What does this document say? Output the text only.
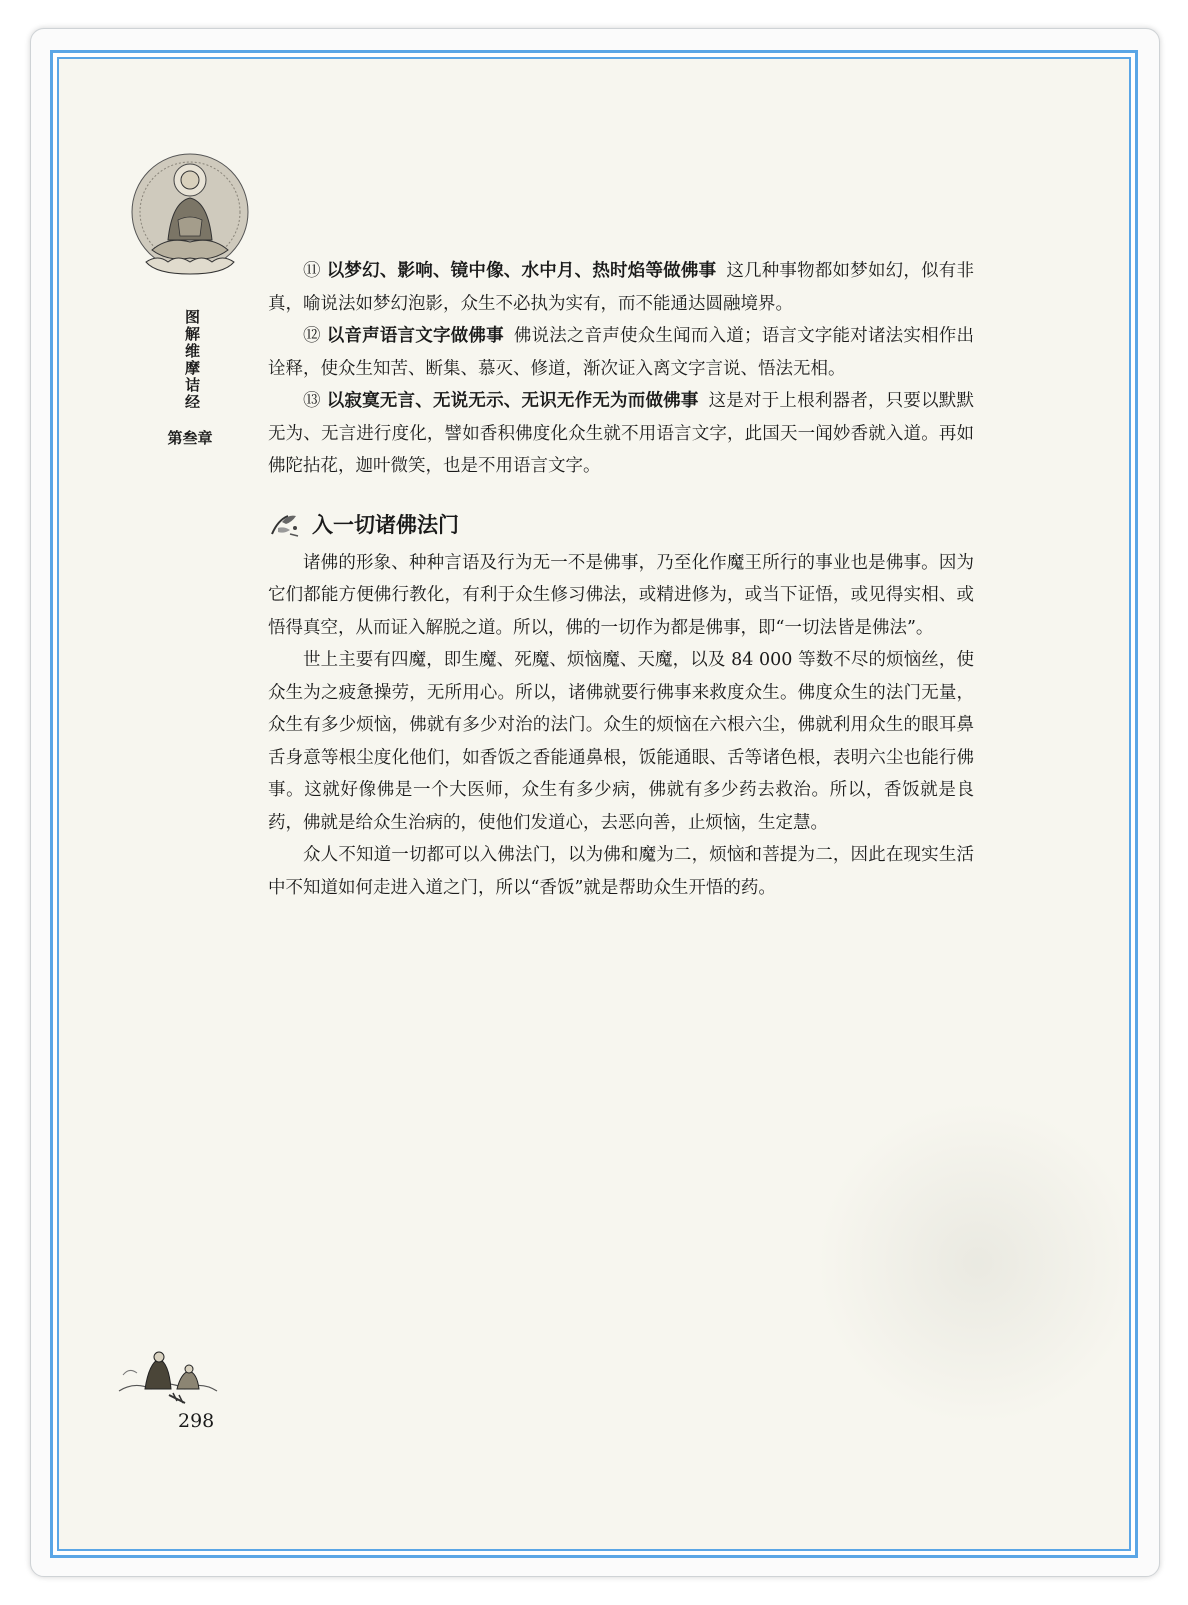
图解维摩诘经
第叁章

⑪ 以梦幻、影响、镜中像、水中月、热时焰等做佛事 这几种事物都如梦如幻，似有非真，喻说法如梦幻泡影，众生不必执为实有，而不能通达圆融境界。

⑫ 以音声语言文字做佛事 佛说法之音声使众生闻而入道；语言文字能对诸法实相作出诠释，使众生知苦、断集、慕灭、修道，渐次证入离文字言说、悟法无相。

⑬ 以寂寞无言、无说无示、无识无作无为而做佛事 这是对于上根利器者，只要以默默无为、无言进行度化，譬如香积佛度化众生就不用语言文字，此国天一闻妙香就入道。再如佛陀拈花，迦叶微笑，也是不用语言文字。

入一切诸佛法门

诸佛的形象、种种言语及行为无一不是佛事，乃至化作魔王所行的事业也是佛事。因为它们都能方便佛行教化，有利于众生修习佛法，或精进修为，或当下证悟，或见得实相、或悟得真空，从而证入解脱之道。所以，佛的一切作为都是佛事，即“一切法皆是佛法”。

世上主要有四魔，即生魔、死魔、烦恼魔、天魔，以及 84 000 等数不尽的烦恼丝，使众生为之疲惫操劳，无所用心。所以，诸佛就要行佛事来救度众生。佛度众生的法门无量，众生有多少烦恼，佛就有多少对治的法门。众生的烦恼在六根六尘，佛就利用众生的眼耳鼻舌身意等根尘度化他们，如香饭之香能通鼻根，饭能通眼、舌等诸色根，表明六尘也能行佛事。这就好像佛是一个大医师，众生有多少病，佛就有多少药去救治。所以，香饭就是良药，佛就是给众生治病的，使他们发道心，去恶向善，止烦恼，生定慧。

众人不知道一切都可以入佛法门，以为佛和魔为二，烦恼和菩提为二，因此在现实生活中不知道如何走进入道之门，所以“香饭”就是帮助众生开悟的药。

298
